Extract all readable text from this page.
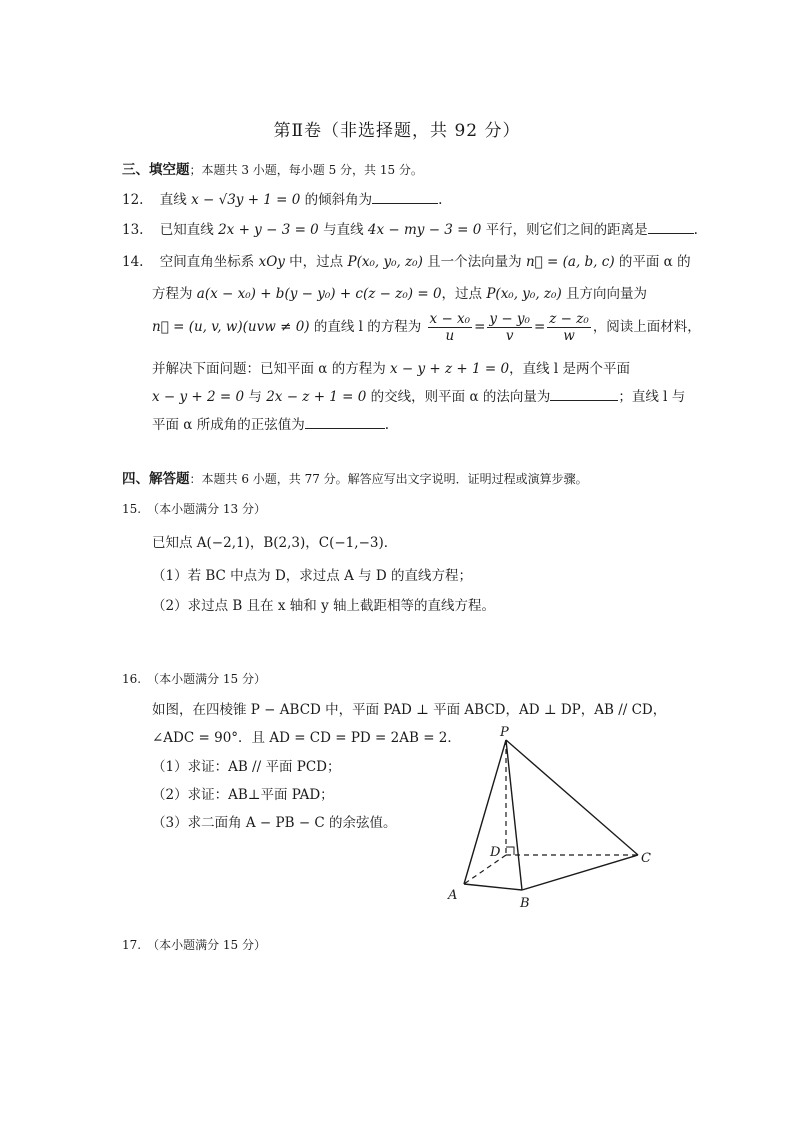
第Ⅱ卷（非选择题，共 92 分）
三、填空题；本题共 3 小题，每小题 5 分，共 15 分。
12. 直线 x − √3y + 1 = 0 的倾斜角为	.
13. 已知直线 2x + y − 3 = 0 与直线 4x − my − 3 = 0 平行，则它们之间的距离是	.
14. 空间直角坐标系 xOy 中，过点 P(x₀, y₀, z₀) 且一个法向量为 n⃗ = (a, b, c) 的平面 α 的
方程为 a(x − x₀) + b(y − y₀) + c(z − z₀) = 0，过点 P(x₀, y₀, z₀) 且方向向量为
n⃗ = (u, v, w)(uvw ≠ 0) 的直线 l 的方程为 $\frac{\text{x − x₀}}{u} = \frac{\text{y − y₀}}{v} = \frac{\text{z − z₀}}{w}$ ，阅读上面材料，
并解决下面问题：已知平面 α 的方程为 x − y + z + 1 = 0，直线 l 是两个平面
x − y + 2 = 0 与 2x − z + 1 = 0 的交线，则平面 α 的法向量为	；直线 l 与
平面 α 所成角的正弦值为	.
四、解答题：本题共 6 小题，共 77 分。解答应写出文字说明．证明过程或演算步骤。
15. （本小题满分 13 分）
已知点 A(−2,1)，B(2,3)，C(−1,−3)．
（1）若 BC 中点为 D，求过点 A 与 D 的直线方程；
（2）求过点 B 且在 x 轴和 y 轴上截距相等的直线方程。
16. （本小题满分 15 分）
如图，在四棱锥 P − ABCD 中，平面 PAD ⊥ 平面 ABCD，AD ⊥ DP，AB // CD，
∠ADC = 90°．且 AD = CD = PD = 2AB = 2．
（1）求证：AB // 平面 PCD；
（2）求证：AB⊥平面 PAD；
（3）求二面角 A − PB − C 的余弦值。
P
D	C
A
B
17. （本小题满分 15 分）
